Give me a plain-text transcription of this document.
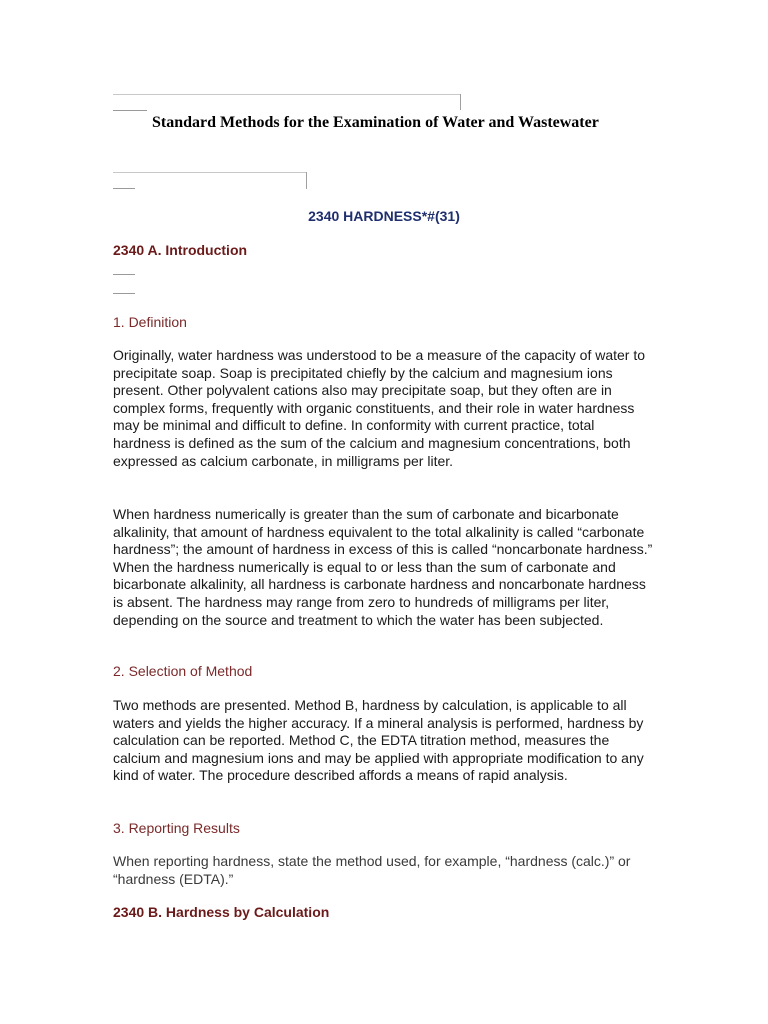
Standard Methods for the Examination of Water and Wastewater
2340 HARDNESS*#(31)
2340 A. Introduction
1. Definition

Originally, water hardness was understood to be a measure of the capacity of water to precipitate soap. Soap is precipitated chiefly by the calcium and magnesium ions present. Other polyvalent cations also may precipitate soap, but they often are in complex forms, frequently with organic constituents, and their role in water hardness may be minimal and difficult to define. In conformity with current practice, total hardness is defined as the sum of the calcium and magnesium concentrations, both expressed as calcium carbonate, in milligrams per liter.

When hardness numerically is greater than the sum of carbonate and bicarbonate alkalinity, that amount of hardness equivalent to the total alkalinity is called “carbonate hardness”; the amount of hardness in excess of this is called “noncarbonate hardness.” When the hardness numerically is equal to or less than the sum of carbonate and bicarbonate alkalinity, all hardness is carbonate hardness and noncarbonate hardness is absent. The hardness may range from zero to hundreds of milligrams per liter, depending on the source and treatment to which the water has been subjected.

2. Selection of Method

Two methods are presented. Method B, hardness by calculation, is applicable to all waters and yields the higher accuracy. If a mineral analysis is performed, hardness by calculation can be reported. Method C, the EDTA titration method, measures the calcium and magnesium ions and may be applied with appropriate modification to any kind of water. The procedure described affords a means of rapid analysis.

3. Reporting Results

When reporting hardness, state the method used, for example, “hardness (calc.)” or “hardness (EDTA).”

2340 B. Hardness by Calculation
